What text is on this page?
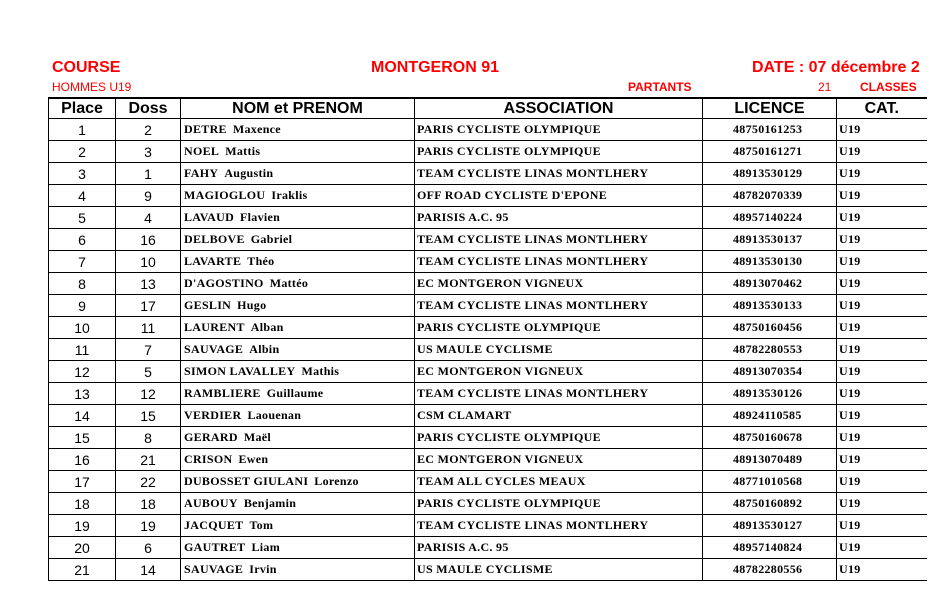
COURSE	MONTGERON 91	DATE : 07 décembre 2
HOMMES U19	PARTANTS	21 CLASSES
Place	Doss	NOM et PRENOM	ASSOCIATION	LICENCE	CAT.
1	2	DETRE Maxence	PARIS CYCLISTE OLYMPIQUE	48750161253	U19
2	3	NOEL Mattis	PARIS CYCLISTE OLYMPIQUE	48750161271	U19
3	1	FAHY Augustin	TEAM CYCLISTE LINAS MONTLHERY	48913530129	U19
4	9	MAGIOGLOU Iraklis	OFF ROAD CYCLISTE D'EPONE	48782070339	U19
5	4	LAVAUD Flavien	PARISIS A.C. 95	48957140224	U19
6	16	DELBOVE Gabriel	TEAM CYCLISTE LINAS MONTLHERY	48913530137	U19
7	10	LAVARTE Théo	TEAM CYCLISTE LINAS MONTLHERY	48913530130	U19
8	13	D'AGOSTINO Mattéo	EC MONTGERON VIGNEUX	48913070462	U19
9	17	GESLIN Hugo	TEAM CYCLISTE LINAS MONTLHERY	48913530133	U19
10	11	LAURENT Alban	PARIS CYCLISTE OLYMPIQUE	48750160456	U19
11	7	SAUVAGE Albin	US MAULE CYCLISME	48782280553	U19
12	5	SIMON LAVALLEY Mathis	EC MONTGERON VIGNEUX	48913070354	U19
13	12	RAMBLIERE Guillaume	TEAM CYCLISTE LINAS MONTLHERY	48913530126	U19
14	15	VERDIER Laouenan	CSM CLAMART	48924110585	U19
15	8	GERARD Maël	PARIS CYCLISTE OLYMPIQUE	48750160678	U19
16	21	CRISON Ewen	EC MONTGERON VIGNEUX	48913070489	U19
17	22	DUBOSSET GIULANI Lorenzo	TEAM ALL CYCLES MEAUX	48771010568	U19
18	18	AUBOUY Benjamin	PARIS CYCLISTE OLYMPIQUE	48750160892	U19
19	19	JACQUET Tom	TEAM CYCLISTE LINAS MONTLHERY	48913530127	U19
20	6	GAUTRET Liam	PARISIS A.C. 95	48957140824	U19
21	14	SAUVAGE Irvin	US MAULE CYCLISME	48782280556	U19
